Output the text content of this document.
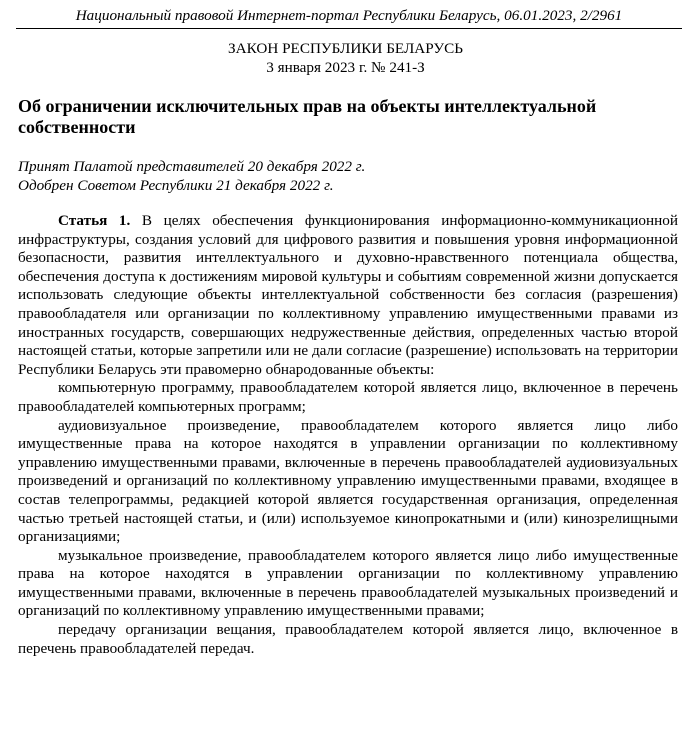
Национальный правовой Интернет-портал Республики Беларусь, 06.01.2023, 2/2961
ЗАКОН РЕСПУБЛИКИ БЕЛАРУСЬ
3 января 2023 г. № 241-З
Об ограничении исключительных прав на объекты интеллектуальной собственности
Принят Палатой представителей 20 декабря 2022 г.
Одобрен Советом Республики 21 декабря 2022 г.

Статья 1. В целях обеспечения функционирования информационно-коммуникационной инфраструктуры, создания условий для цифрового развития и повышения уровня информационной безопасности, развития интеллектуального и духовно-нравственного потенциала общества, обеспечения доступа к достижениям мировой культуры и событиям современной жизни допускается использовать следующие объекты интеллектуальной собственности без согласия (разрешения) правообладателя или организации по коллективному управлению имущественными правами из иностранных государств, совершающих недружественные действия, определенных частью второй настоящей статьи, которые запретили или не дали согласие (разрешение) использовать на территории Республики Беларусь эти правомерно обнародованные объекты:

компьютерную программу, правообладателем которой является лицо, включенное в перечень правообладателей компьютерных программ;

аудиовизуальное произведение, правообладателем которого является лицо либо имущественные права на которое находятся в управлении организации по коллективному управлению имущественными правами, включенные в перечень правообладателей аудиовизуальных произведений и организаций по коллективному управлению имущественными правами, входящее в состав телепрограммы, редакцией которой является государственная организация, определенная частью третьей настоящей статьи, и (или) используемое кинопрокатными и (или) кинозрелищными организациями;

музыкальное произведение, правообладателем которого является лицо либо имущественные права на которое находятся в управлении организации по коллективному управлению имущественными правами, включенные в перечень правообладателей музыкальных произведений и организаций по коллективному управлению имущественными правами;

передачу организации вещания, правообладателем которой является лицо, включенное в перечень правообладателей передач.
